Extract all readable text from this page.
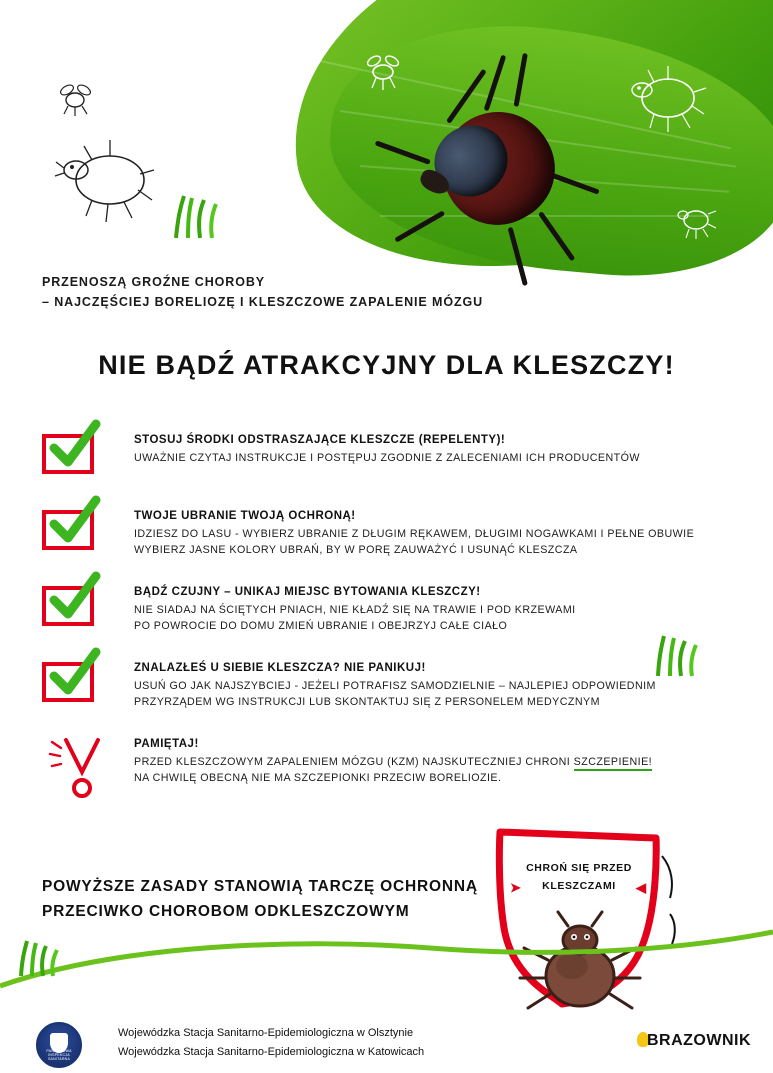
PRZENOSZĄ GROŹNE CHOROBY
– NAJCZĘŚCIEJ BORELIOZĘ I KLESZCZOWE ZAPALENIE MÓZGU
NIE BĄDŹ ATRAKCYJNY DLA KLESZCZY!
STOSUJ ŚRODKI ODSTRASZAJĄCE KLESZCZE (REPELENTY)!
UWAŻNIE CZYTAJ INSTRUKCJE I POSTĘPUJ ZGODNIE Z ZALECENIAMI ICH PRODUCENTÓW
TWOJE UBRANIE TWOJĄ OCHRONĄ!
IDZIESZ DO LASU - WYBIERZ UBRANIE Z DŁUGIM RĘKAWEM, DŁUGIMI NOGAWKAMI I PEŁNE OBUWIE
WYBIERZ JASNE KOLORY UBRAŃ, BY W PORĘ ZAUWAŻYĆ I USUNĄĆ KLESZCZA
BĄDŹ CZUJNY – UNIKAJ MIEJSC BYTOWANIA KLESZCZY!
NIE SIADAJ NA ŚCIĘTYCH PNIACH, NIE KŁADŹ SIĘ NA TRAWIE I POD KRZEWAMI
PO POWROCIE DO DOMU ZMIEŃ UBRANIE I OBEJRZYJ CAŁE CIAŁO
ZNALAZŁEŚ U SIEBIE KLESZCZA? NIE PANIKUJ!
USUŃ GO JAK NAJSZYBCIEJ - JEŻELI POTRAFISZ SAMODZIELNIE – NAJLEPIEJ ODPOWIEDNIM
PRZYRZĄDEM WG INSTRUKCJI LUB SKONTAKTUJ SIĘ Z PERSONELEM MEDYCZNYM
PAMIĘTAJ!
PRZED KLESZCZOWYM ZAPALENIEM MÓZGU (KZM) NAJSKUTECZNIEJ CHRONI SZCZEPIENIE!
NA CHWILĘ OBECNĄ NIE MA SZCZEPIONKI PRZECIW BORELIOZIE.
POWYŻSZE ZASADY STANOWIĄ TARCZĘ OCHRONNĄ
PRZECIWKO CHOROBOM ODKLESZCZOWYM
CHROŃ SIĘ PRZED
KLESZCZAMI
➤	◀
PAŃSTWOWA INSPEKCJA SANITARNA
Wojewódzka Stacja Sanitarno-Epidemiologiczna w Olsztynie
Wojewódzka Stacja Sanitarno-Epidemiologiczna w Katowicach
BRAZOWNIK
